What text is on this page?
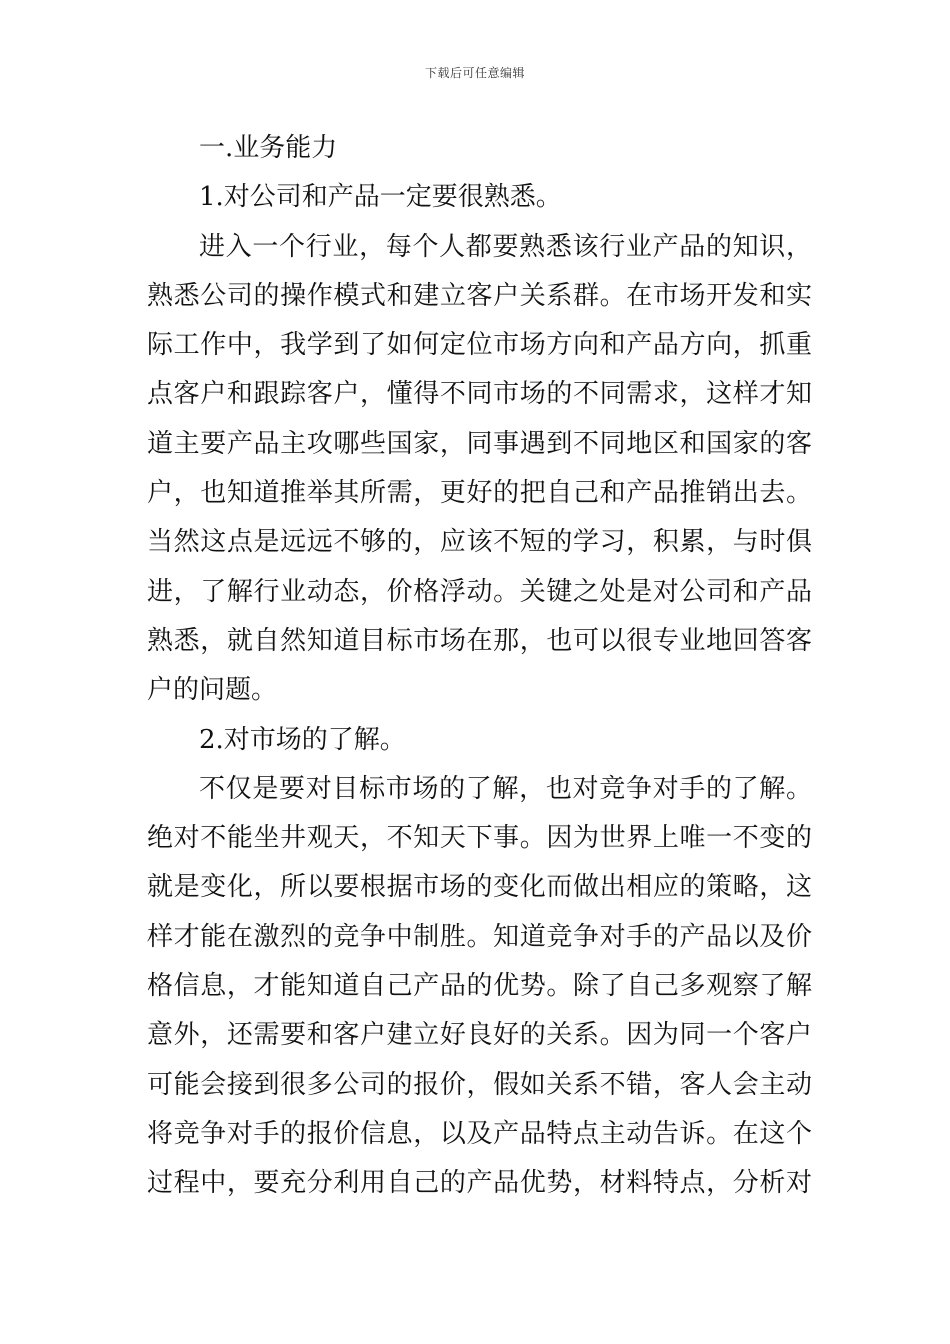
下载后可任意编辑
一.业务能力
1.对公司和产品一定要很熟悉。
进入一个行业，每个人都要熟悉该行业产品的知识，
熟悉公司的操作模式和建立客户关系群。在市场开发和实
际工作中，我学到了如何定位市场方向和产品方向，抓重
点客户和跟踪客户，懂得不同市场的不同需求，这样才知
道主要产品主攻哪些国家，同事遇到不同地区和国家的客
户，也知道推举其所需，更好的把自己和产品推销出去。
当然这点是远远不够的，应该不短的学习，积累，与时俱
进，了解行业动态，价格浮动。关键之处是对公司和产品
熟悉，就自然知道目标市场在那，也可以很专业地回答客
户的问题。
2.对市场的了解。
不仅是要对目标市场的了解，也对竞争对手的了解。
绝对不能坐井观天，不知天下事。因为世界上唯一不变的
就是变化，所以要根据市场的变化而做出相应的策略，这
样才能在激烈的竞争中制胜。知道竞争对手的产品以及价
格信息，才能知道自己产品的优势。除了自己多观察了解
意外，还需要和客户建立好良好的关系。因为同一个客户
可能会接到很多公司的报价，假如关系不错，客人会主动
将竞争对手的报价信息，以及产品特点主动告诉。在这个
过程中，要充分利用自己的产品优势，材料特点，分析对
